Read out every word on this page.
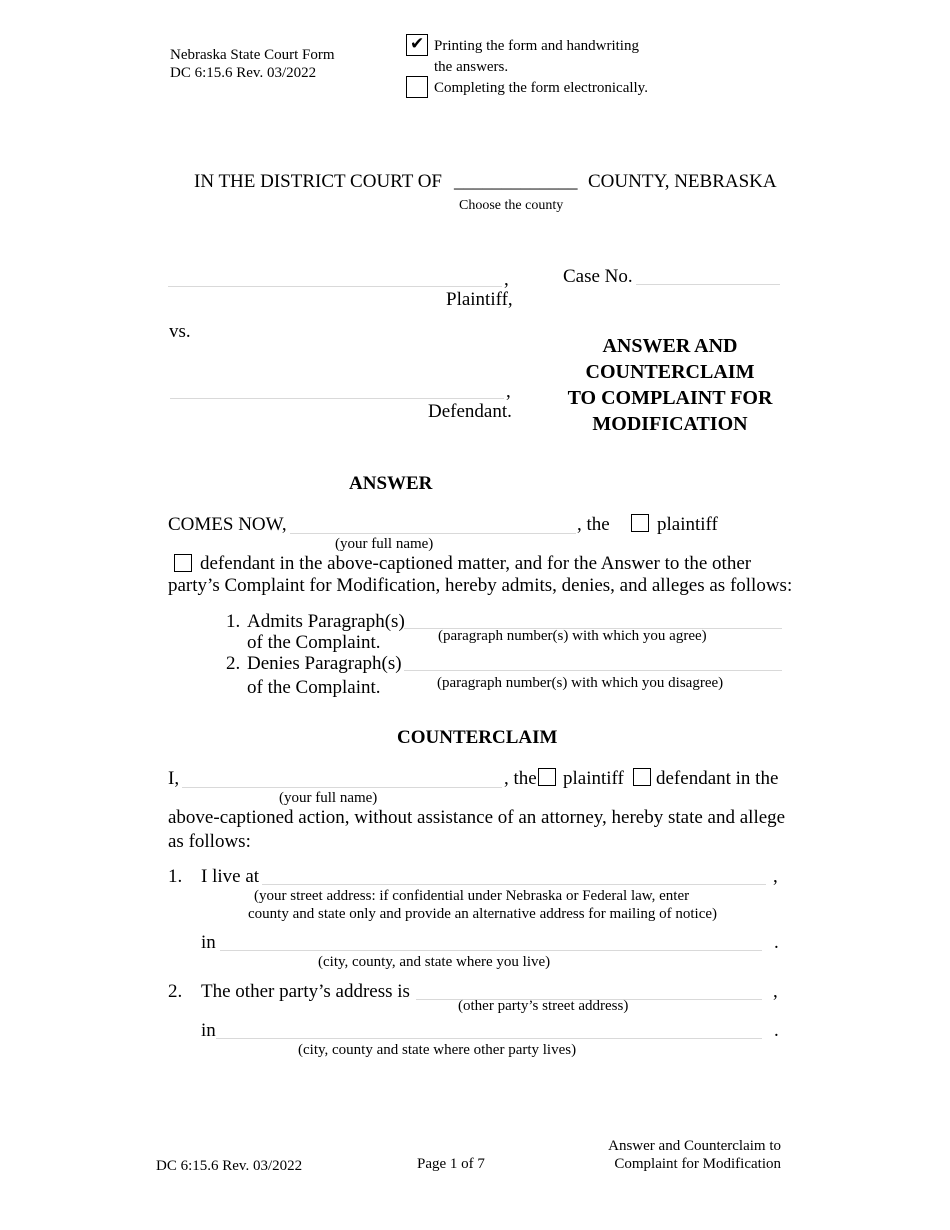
Nebraska State Court Form
DC 6:15.6 Rev. 03/2022
✔ Printing the form and handwriting
the answers.
Completing the form electronically.
IN THE DISTRICT COURT OF _____________ COUNTY, NEBRASKA
Choose the county
,
Plaintiff,
Case No.
vs.
,
Defendant.
ANSWER AND
COUNTERCLAIM
TO COMPLAINT FOR
MODIFICATION
ANSWER
COMES NOW,	, the plaintiff
(your full name)
defendant in the above-captioned matter, and for the Answer to the other
party’s Complaint for Modification, hereby admits, denies, and alleges as follows:
1. Admits Paragraph(s)
of the Complaint.	(paragraph number(s) with which you agree)
2. Denies Paragraph(s)
of the Complaint.	(paragraph number(s) with which you disagree)
COUNTERCLAIM
I,	, the plaintiff defendant in the
(your full name)
above-captioned action, without assistance of an attorney, hereby state and allege
as follows:
1. I live at	,
(your street address: if confidential under Nebraska or Federal law, enter
county and state only and provide an alternative address for mailing of notice)
in	.
(city, county, and state where you live)
2. The other party’s address is	,
(other party’s street address)
in	.
(city, county and state where other party lives)
DC 6:15.6 Rev. 03/2022	Page 1 of 7
Answer and Counterclaim to
Complaint for Modification
